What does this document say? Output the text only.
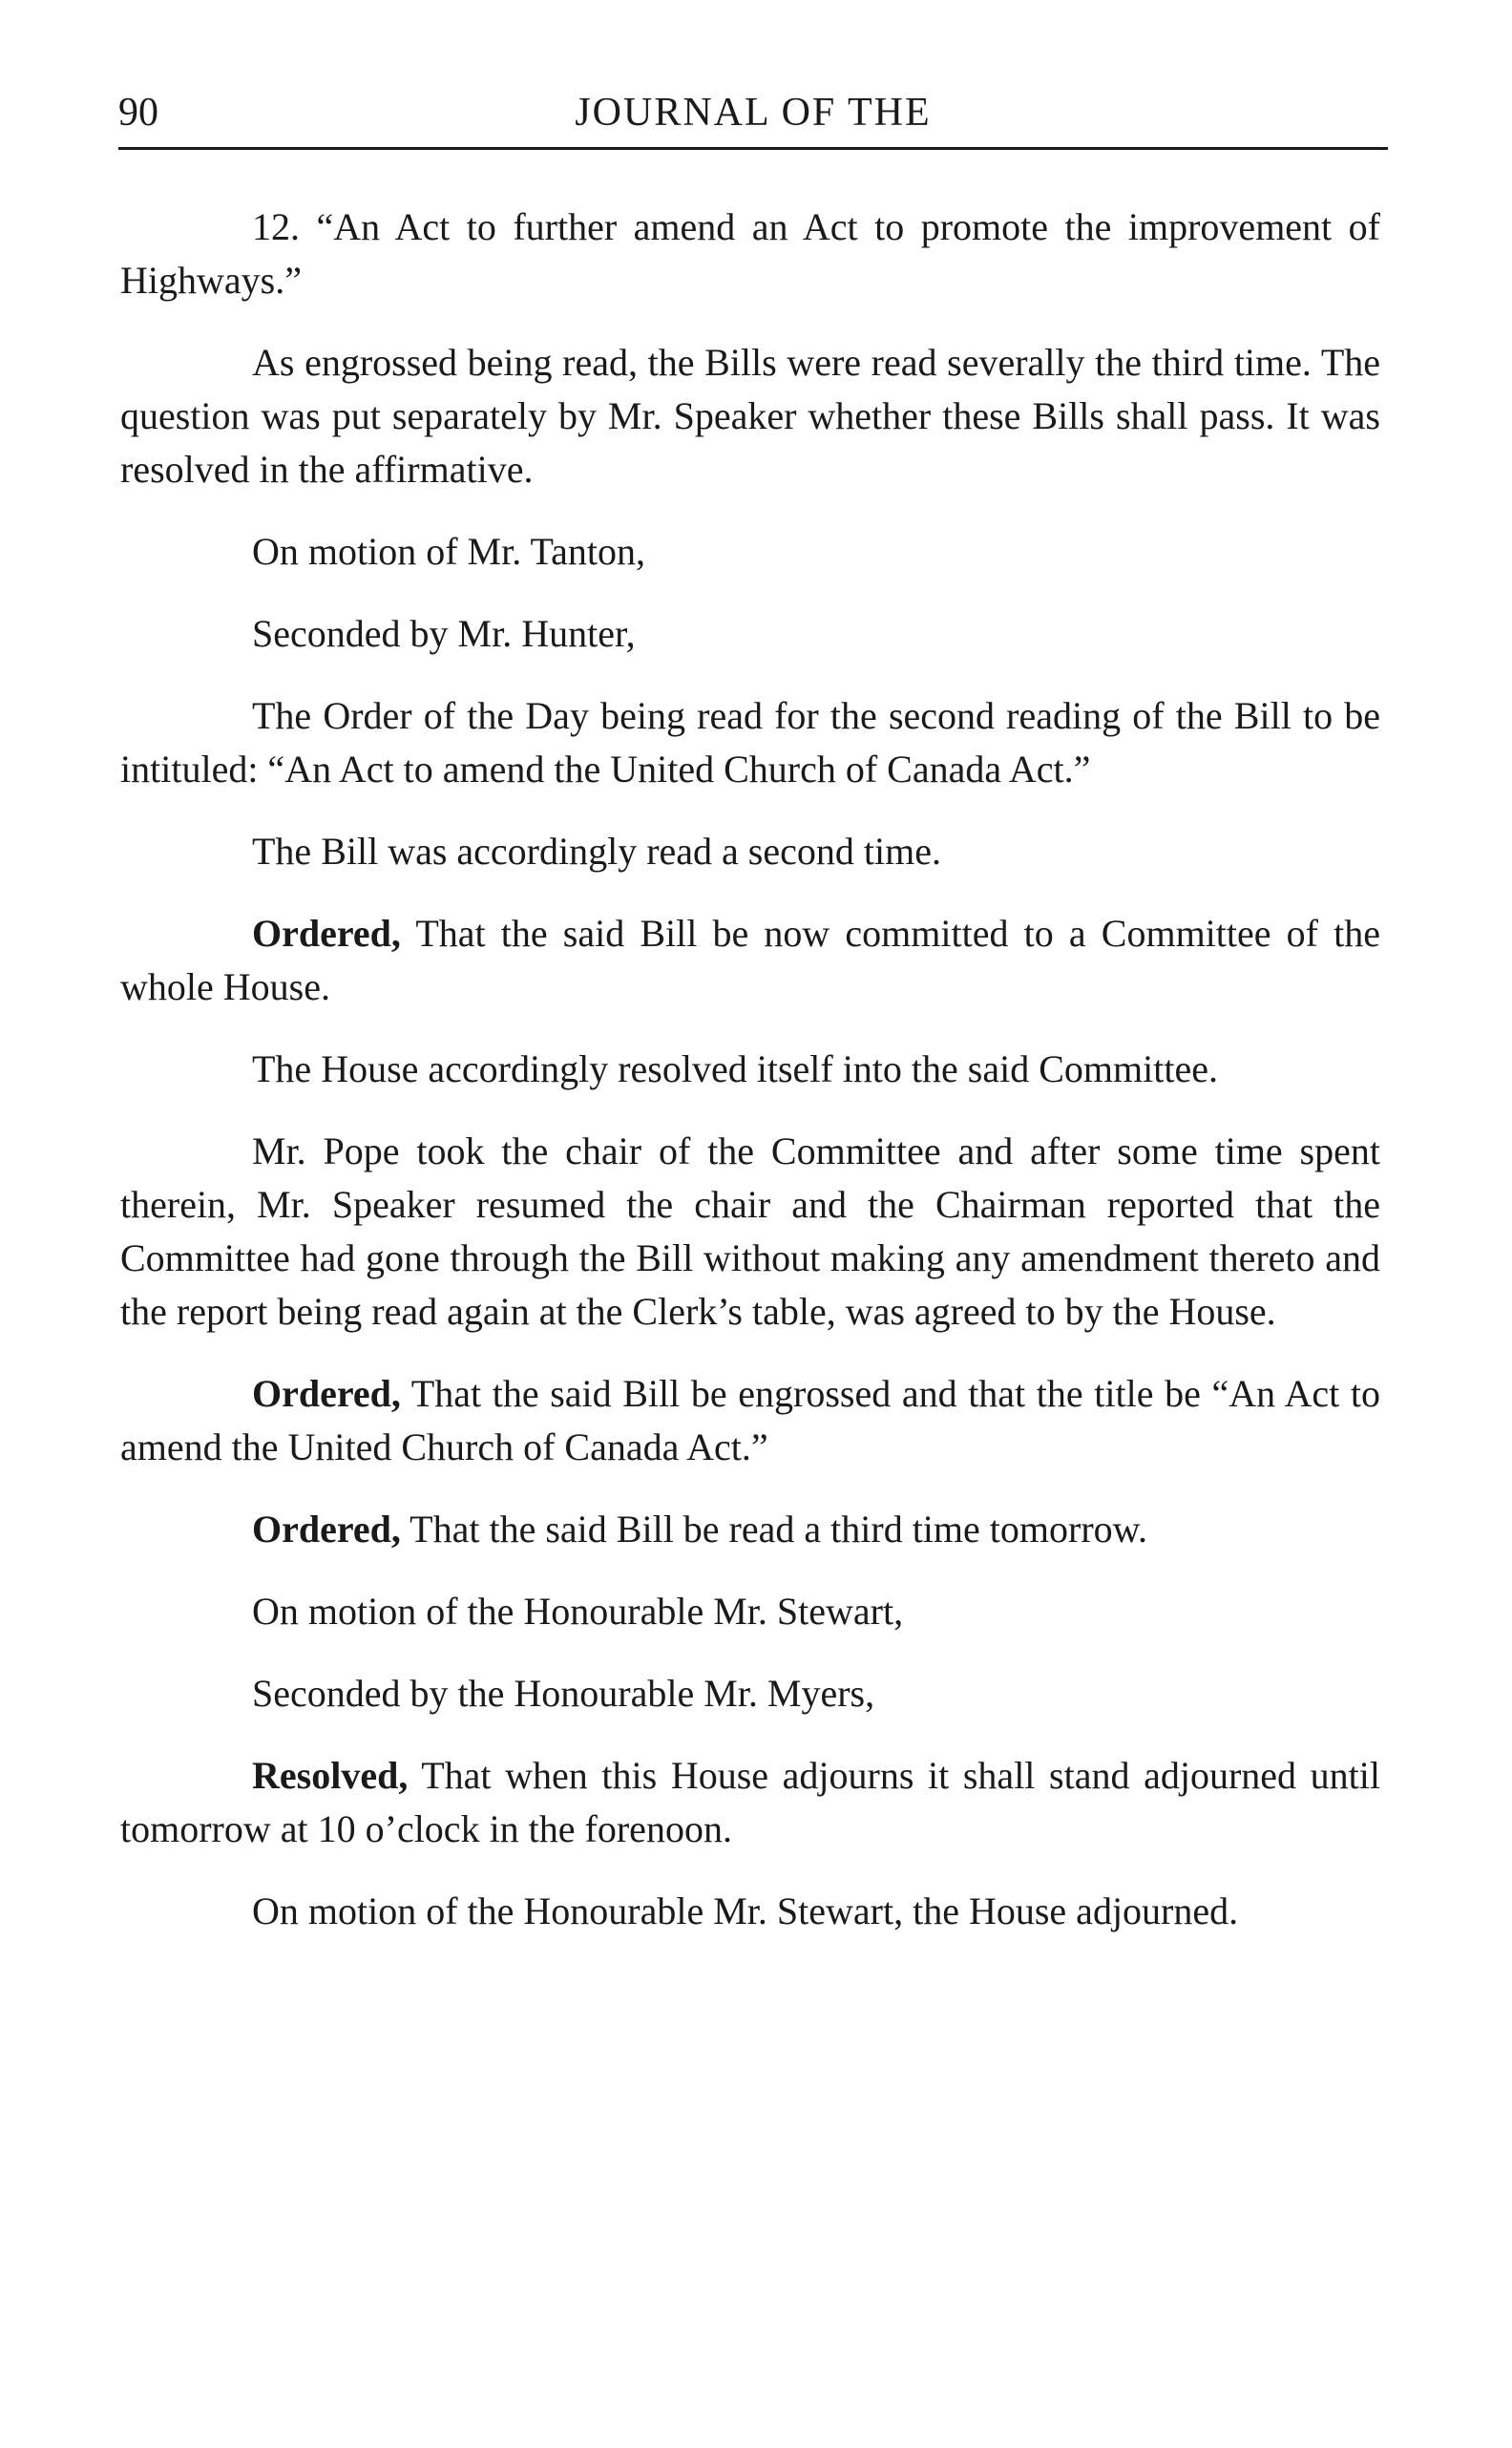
90	JOURNAL OF THE

12. “An Act to further amend an Act to promote the improvement of Highways.”

As engrossed being read, the Bills were read severally the third time. The question was put separately by Mr. Speaker whether these Bills shall pass. It was resolved in the affirmative.

On motion of Mr. Tanton,

Seconded by Mr. Hunter,

The Order of the Day being read for the second reading of the Bill to be intituled: “An Act to amend the United Church of Canada Act.”

The Bill was accordingly read a second time.

Ordered, That the said Bill be now committed to a Committee of the whole House.

The House accordingly resolved itself into the said Committee.

Mr. Pope took the chair of the Committee and after some time spent therein, Mr. Speaker resumed the chair and the Chairman reported that the Committee had gone through the Bill without making any amendment thereto and the report being read again at the Clerk’s table, was agreed to by the House.

Ordered, That the said Bill be engrossed and that the title be “An Act to amend the United Church of Canada Act.”

Ordered, That the said Bill be read a third time tomorrow.

On motion of the Honourable Mr. Stewart,

Seconded by the Honourable Mr. Myers,

Resolved, That when this House adjourns it shall stand adjourned until tomorrow at 10 o’clock in the forenoon.

On motion of the Honourable Mr. Stewart, the House adjourned.
